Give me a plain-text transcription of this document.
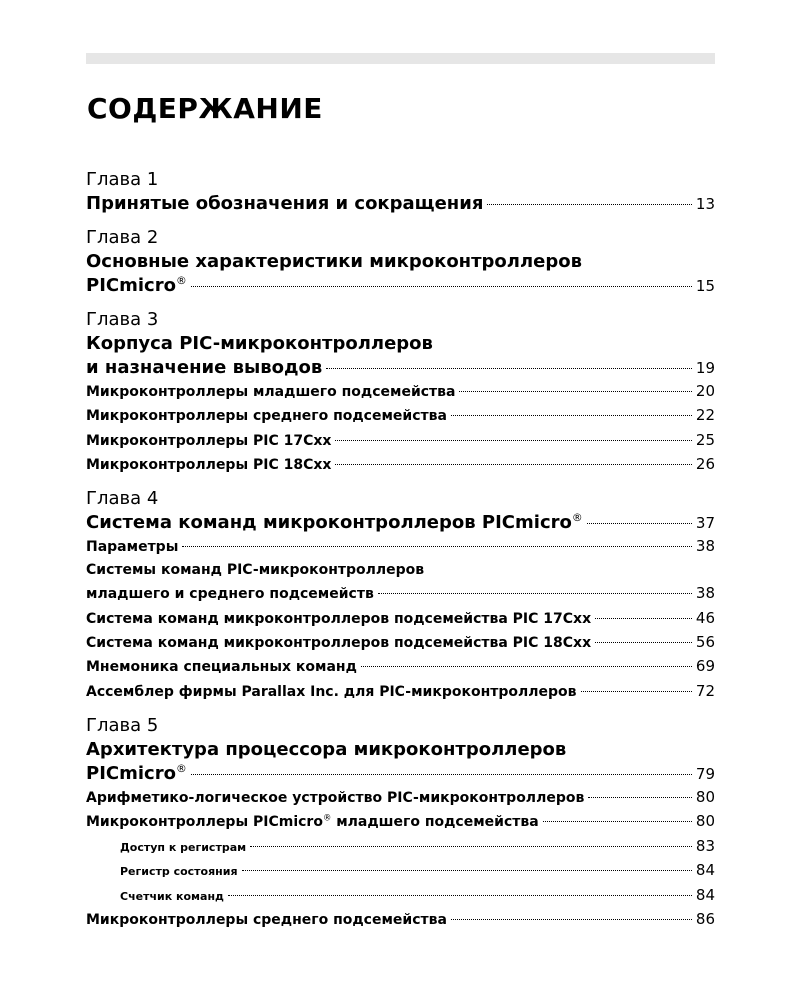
СОДЕРЖАНИЕ
Глава 1
Принятые обозначения и сокращения	13
Глава 2
Основные характеристики микроконтроллеров
PICmicro®	15
Глава 3
Корпуса PIC-микроконтроллеров
и назначение выводов	19
Микроконтроллеры младшего подсемейства	20
Микроконтроллеры среднего подсемейства	22
Микроконтроллеры PIC 17Cxx	25
Микроконтроллеры PIC 18Cxx	26
Глава 4
Система команд микроконтроллеров PICmicro®	37
Параметры	38
Системы команд PIC-микроконтроллеров
младшего и среднего подсемейств	38
Система команд микроконтроллеров подсемейства PIC 17Cxx	46
Система команд микроконтроллеров подсемейства PIC 18Cxx	56
Мнемоника специальных команд	69
Ассемблер фирмы Parallax Inc. для PIC-микроконтроллеров	72
Глава 5
Архитектура процессора микроконтроллеров
PICmicro®	79
Арифметико-логическое устройство PIC-микроконтроллеров	80
Микроконтроллеры PICmicro® младшего подсемейства	80
Доступ к регистрам	83
Регистр состояния	84
Счетчик команд	84
Микроконтроллеры среднего подсемейства	86
